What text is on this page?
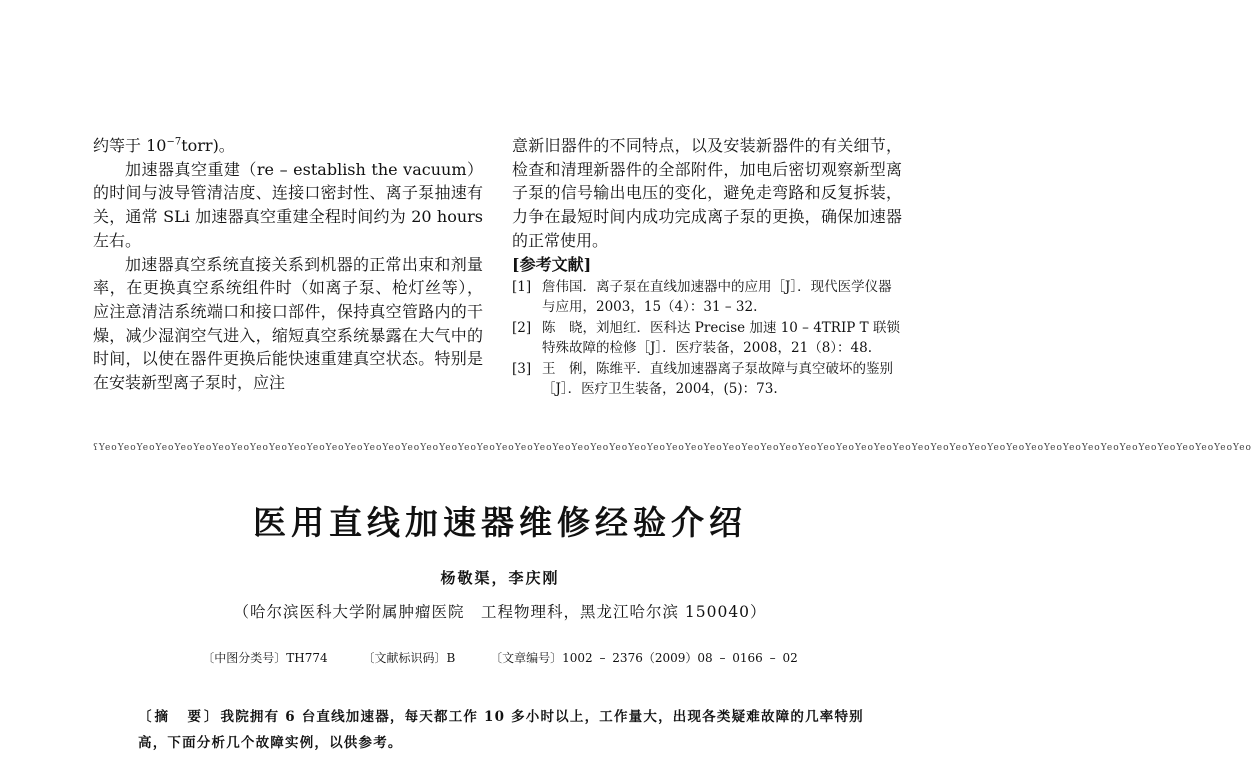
约等于 $10^{-7}torr$)。

加速器真空重建（re – establish the vacuum）的时间与波导管清洁度、连接口密封性、离子泵抽速有关，通常 SLi 加速器真空重建全程时间约为 20 hours左右。

加速器真空系统直接关系到机器的正常出束和剂量率，在更换真空系统组件时（如离子泵、枪灯丝等），应注意清洁系统端口和接口部件，保持真空管路内的干燥，减少湿润空气进入，缩短真空系统暴露在大气中的时间，以使在器件更换后能快速重建真空状态。特别是在安装新型离子泵时，应注

意新旧器件的不同特点，以及安装新器件的有关细节，检查和清理新器件的全部附件，加电后密切观察新型离子泵的信号输出电压的变化，避免走弯路和反复拆装，力争在最短时间内成功完成离子泵的更换，确保加速器的正常使用。

[参考文献]

[1] 詹伟国．离子泵在直线加速器中的应用［J］．现代医学仪器与应用，2003，15（4）：31 – 32.
[2] 陈　晓，刘旭红．医科达 Precise 加速 10 – 4TRIP T 联锁特殊故障的检修［J］．医疗装备，2008，21（8）：48.
[3] 王　俐，陈维平．直线加速器离子泵故障与真空破坏的鉴别［J］．医疗卫生装备，2004，(5)：73.
ʕYeoYeoYeoYeoYeoYeoYeoYeoYeoYeoYeoYeoYeoYeoYeoYeoYeoYeoYeoYeoYeoYeoYeoYeoYeoYeoYeoYeoYeoYeoYeoYeoYeoYeoYeoYeoYeoYeoYeoYeoYeoYeoYeoYeoYeoYeoYeoYeoYeoYeoYeoYeoYeoYeoYeoYeoYeoYeoYeoYeoYeo
医用直线加速器维修经验介绍
杨敬渠，李庆刚
（哈尔滨医科大学附属肿瘤医院　工程物理科，黑龙江哈尔滨 150040）
〔中图分类号〕TH774	〔文献标识码〕B	〔文章编号〕1002 – 2376（2009）08 – 0166 – 02
〔摘　要〕我院拥有 6 台直线加速器，每天都工作 10 多小时以上，工作量大，出现各类疑难故障的几率特别高，下面分析几个故障实例，以供参考。
